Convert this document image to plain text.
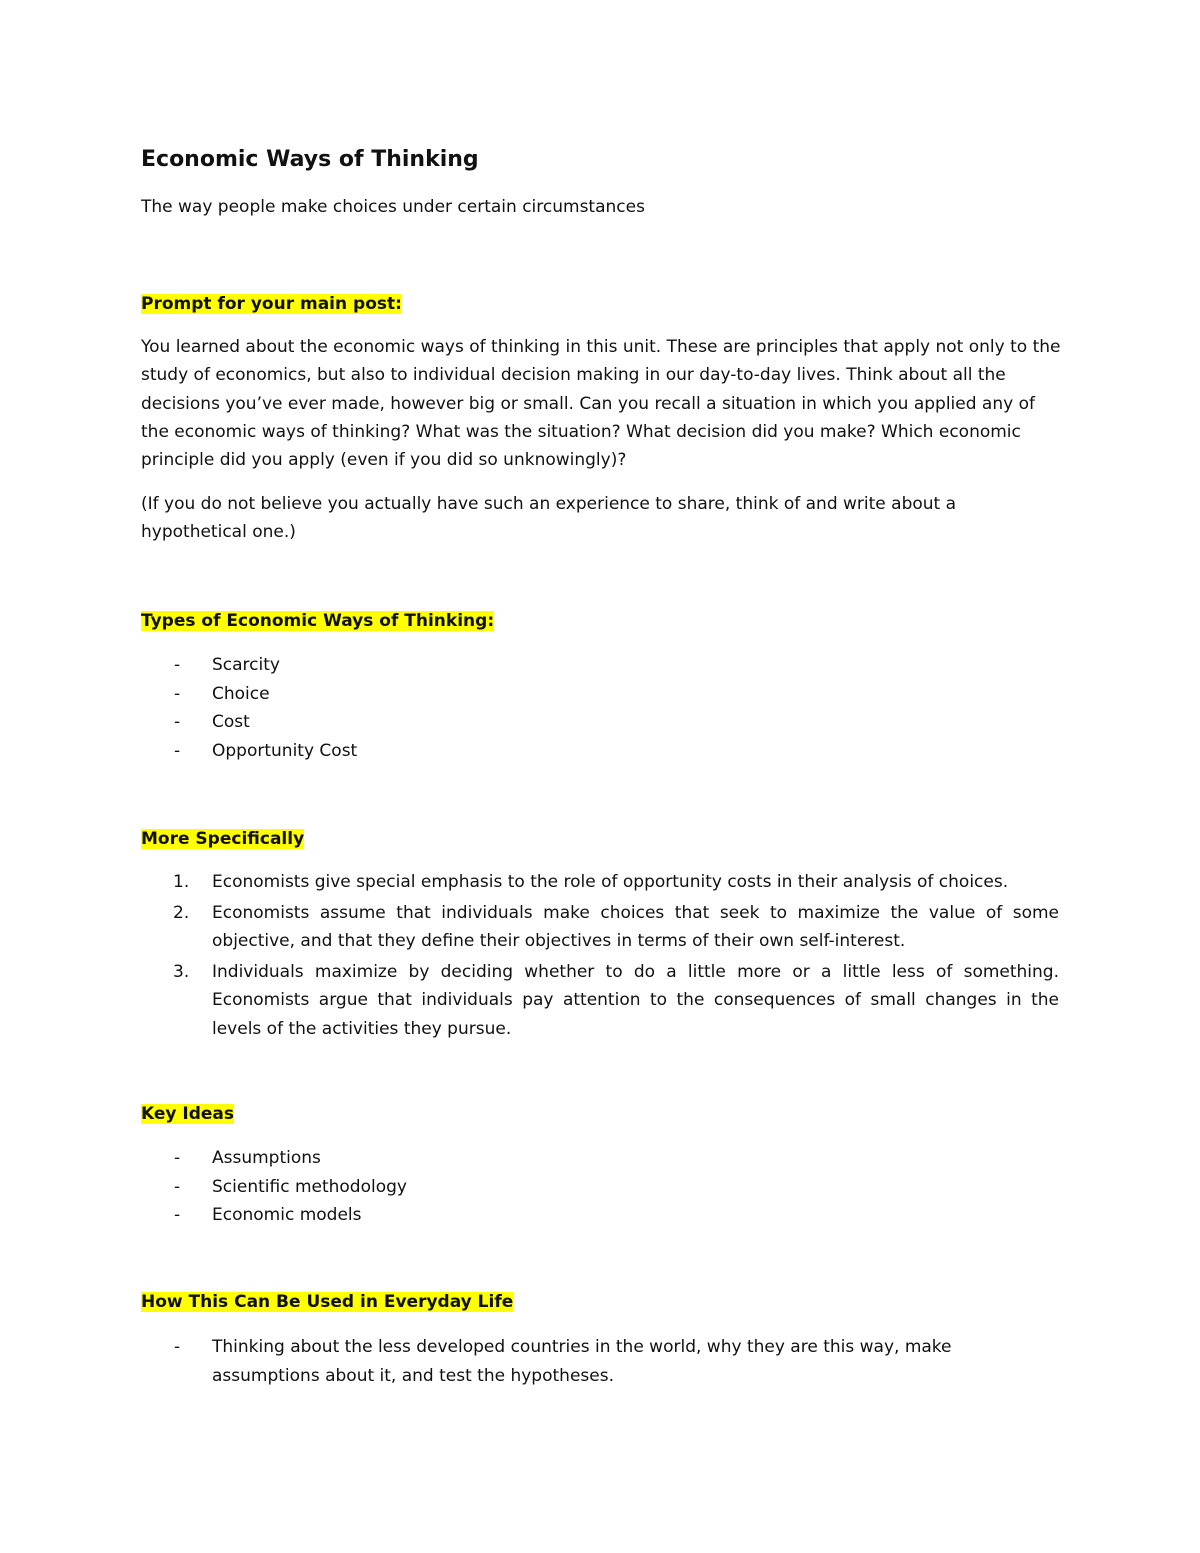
Economic Ways of Thinking
The way people make choices under certain circumstances
Prompt for your main post:
You learned about the economic ways of thinking in this unit. These are principles that apply not only to the study of economics, but also to individual decision making in our day-to-day lives. Think about all the decisions you’ve ever made, however big or small. Can you recall a situation in which you applied any of the economic ways of thinking? What was the situation? What decision did you make? Which economic principle did you apply (even if you did so unknowingly)?
(If you do not believe you actually have such an experience to share, think of and write about a hypothetical one.)
Types of Economic Ways of Thinking:
- Scarcity
- Choice
- Cost
- Opportunity Cost
More Specifically
1. Economists give special emphasis to the role of opportunity costs in their analysis of choices.
2. Economists assume that individuals make choices that seek to maximize the value of some objective, and that they define their objectives in terms of their own self-interest.
3. Individuals maximize by deciding whether to do a little more or a little less of something. Economists argue that individuals pay attention to the consequences of small changes in the levels of the activities they pursue.
Key Ideas
- Assumptions
- Scientific methodology
- Economic models
How This Can Be Used in Everyday Life
- Thinking about the less developed countries in the world, why they are this way, make assumptions about it, and test the hypotheses.
